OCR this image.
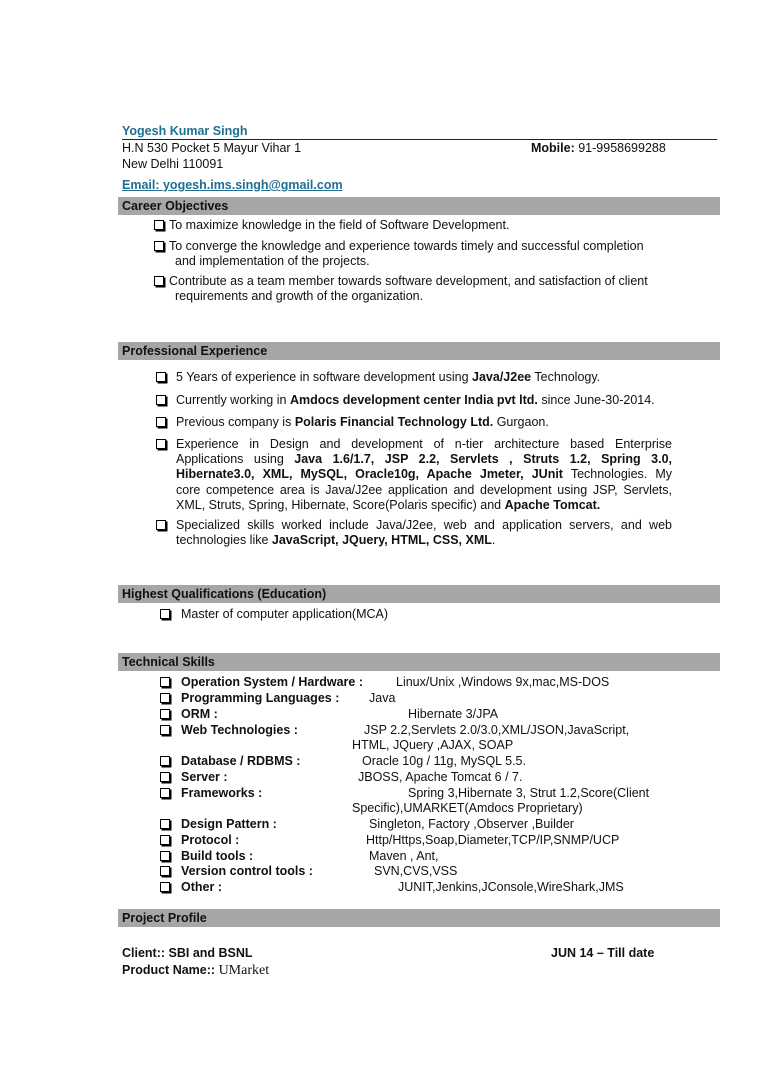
Yogesh Kumar Singh
H.N 530 Pocket 5 Mayur Vihar 1	Mobile: 91-9958699288
New Delhi 110091
Email: yogesh.ims.singh@gmail.com
Career Objectives
To maximize knowledge in the field of Software Development.
To converge the knowledge and experience towards timely and successful completion
and implementation of the projects.
Contribute as a team member towards software development, and satisfaction of client
requirements and growth of the organization.
Professional Experience
5 Years of experience in software development using Java/J2ee Technology.
Currently working in Amdocs development center India pvt ltd. since June-30-2014.
Previous company is Polaris Financial Technology Ltd. Gurgaon.
Experience in Design and development of n-tier architecture based Enterprise
Applications using Java 1.6/1.7, JSP 2.2, Servlets , Struts 1.2, Spring 3.0,
Hibernate3.0, XML, MySQL, Oracle10g, Apache Jmeter, JUnit Technologies. My
core competence area is Java/J2ee application and development using JSP, Servlets,
XML, Struts, Spring, Hibernate, Score(Polaris specific) and Apache Tomcat.
Specialized skills worked include Java/J2ee, web and application servers, and web
technologies like JavaScript, JQuery, HTML, CSS, XML.
Highest Qualifications (Education)
Master of computer application(MCA)
Technical Skills
Operation System / Hardware :	Linux/Unix ,Windows 9x,mac,MS-DOS
Programming Languages : Java
ORM :	Hibernate 3/JPA
Web Technologies :	JSP 2.2,Servlets 2.0/3.0,XML/JSON,JavaScript,
HTML, JQuery ,AJAX, SOAP
Database / RDBMS :	Oracle 10g / 11g, MySQL 5.5.
Server :	JBOSS, Apache Tomcat 6 / 7.
Frameworks :	Spring 3,Hibernate 3, Strut 1.2,Score(Client
Specific),UMARKET(Amdocs Proprietary)
Design Pattern :	Singleton, Factory ,Observer ,Builder
Protocol :	Http/Https,Soap,Diameter,TCP/IP,SNMP/UCP
Build tools :	Maven , Ant,
Version control tools :	SVN,CVS,VSS
Other :	JUNIT,Jenkins,JConsole,WireShark,JMS
Project Profile
Client:: SBI and BSNL	JUN 14 – Till date
Product Name:: UMarket
